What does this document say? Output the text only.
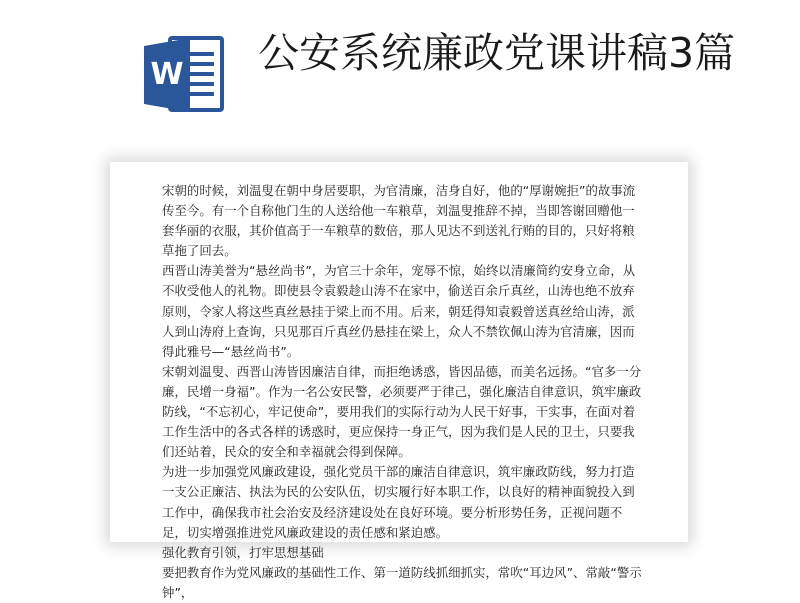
W 公安系统廉政党课讲稿3篇

宋朝的时候，刘温叟在朝中身居要职，为官清廉，洁身自好，他的“厚谢婉拒”的故事流传至今。有一个自称他门生的人送给他一车粮草，刘温叟推辞不掉，当即答谢回赠他一套华丽的衣服，其价值高于一车粮草的数倍，那人见达不到送礼行贿的目的，只好将粮草拖了回去。

西晋山涛美誉为“悬丝尚书”，为官三十余年，宠辱不惊，始终以清廉简约安身立命，从不收受他人的礼物。即使县令袁毅趁山涛不在家中，偷送百余斤真丝，山涛也绝不放弃原则，令家人将这些真丝悬挂于梁上而不用。后来，朝廷得知袁毅曾送真丝给山涛，派人到山涛府上查询，只见那百斤真丝仍悬挂在梁上，众人不禁钦佩山涛为官清廉，因而得此雅号—“悬丝尚书”。

宋朝刘温叟、西晋山涛皆因廉洁自律，而拒绝诱惑，皆因品德，而美名远扬。“官多一分廉，民增一身福”。作为一名公安民警，必须要严于律己，强化廉洁自律意识，筑牢廉政防线，“不忘初心，牢记使命”，要用我们的实际行动为人民干好事，干实事，在面对着工作生活中的各式各样的诱惑时，更应保持一身正气，因为我们是人民的卫士，只要我们还站着，民众的安全和幸福就会得到保障。

为进一步加强党风廉政建设，强化党员干部的廉洁自律意识，筑牢廉政防线，努力打造一支公正廉洁、执法为民的公安队伍，切实履行好本职工作，以良好的精神面貌投入到工作中，确保我市社会治安及经济建设处在良好环境。要分析形势任务，正视问题不足，切实增强推进党风廉政建设的责任感和紧迫感。

强化教育引领，打牢思想基础

要把教育作为党风廉政的基础性工作、第一道防线抓细抓实，常吹“耳边风”、常敲“警示钟”，
